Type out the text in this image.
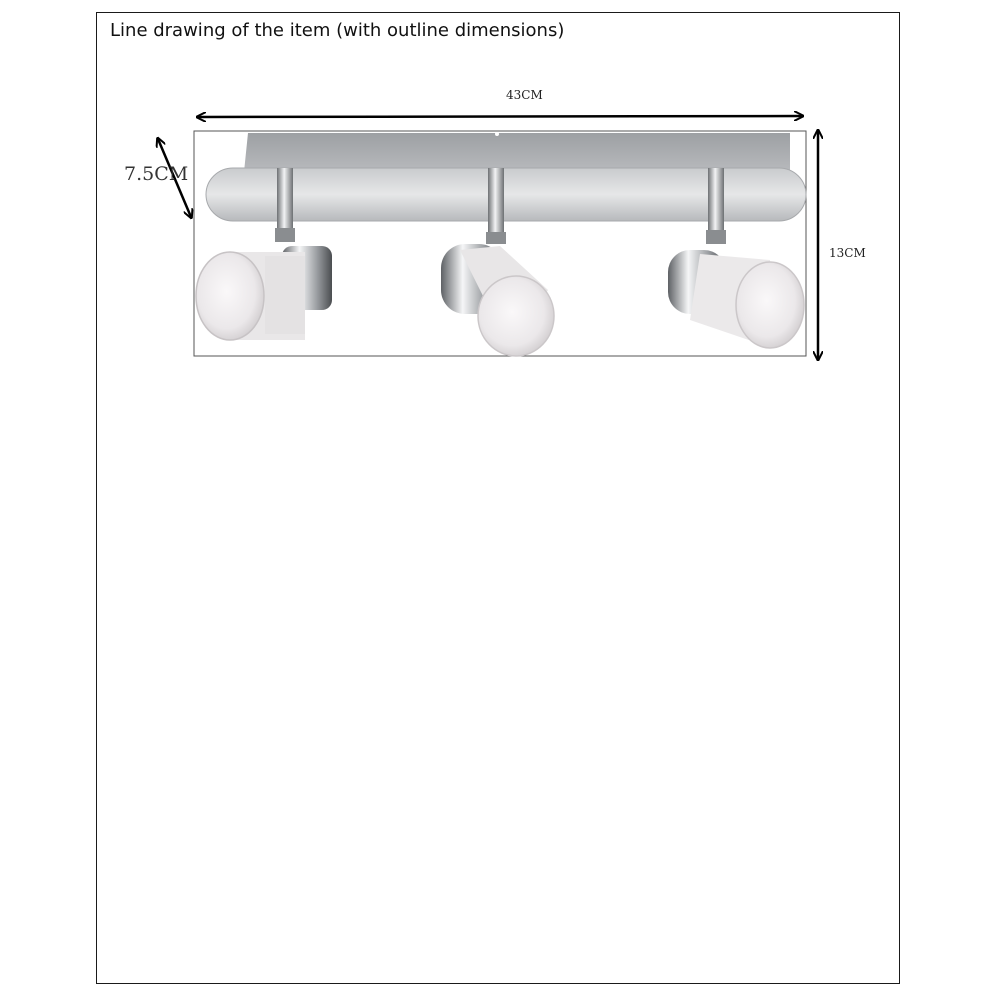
Line drawing of the item (with outline dimensions)
43CM
13CM
7.5CM
